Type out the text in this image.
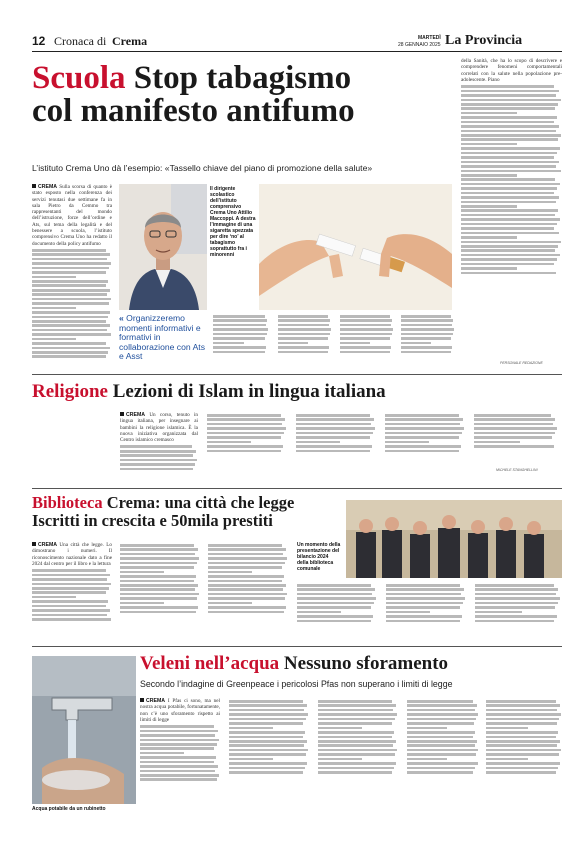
12 Cronaca di Crema	MARTEDÌ
28 GENNAIO 2025 La Provincia
Scuola Stop tabagismo
col manifesto antifumo
L’istituto Crema Uno dà l’esempio: «Tassello chiave del piano di promozione della salute»
CREMA Sulla scorsa di quanto è stato esposto nella conferenza dei servizi tenutasi due settimane fa in sala Pietro da Cemmo tra rappresentanti del mondo dell’istruzione, forze dell’ordine e Ats, sul tema della legalità e del benessere a scuola, l’istituto comprensivo Crema Uno ha redatto il documento della policy antifumo
Il dirigente scolastico dell’istituto comprensivo Crema Uno Attilio Maccoppi. A destra l’immagine di una sigaretta spezzata per dire ‘no’ al tabagismo soprattutto fra i minorenni
« Organizzeremo momenti informativi e formativi in collaborazione con Ats e Asst
della Sanità, che ha lo scopo di descrivere e comprendere fenomeni comportamentali correlati con la salute nella popolazione pre-adolescente. Piano
PERSONALE REDAZIONE
Religione Lezioni di Islam in lingua italiana
CREMA Un corso, tenuto in lingua italiana, per insegnare ai bambini la religione islamica. È la nuova iniziativa organizzata dal Centro islamico cremasco
MICHELE STANGHELLINI
Biblioteca Crema: una città che legge
Iscritti in crescita e 50mila prestiti
CREMA Una città che legge. Lo dimostrano i numeri. Il riconoscimento nazionale dato a fine 2024 dal centro per il libro e la lettura
Un momento della presentazione del bilancio 2024 della biblioteca comunale
Veleni nell’acqua Nessuno sforamento
Secondo l’indagine di Greenpeace i pericolosi Pfas non superano i limiti di legge
Acqua potabile da un rubinetto
CREMA I Pfas ci sono, ma nel nostra acqua potabile, fortunatamente, non c’è uno sforamento rispetto ai limiti di legge
